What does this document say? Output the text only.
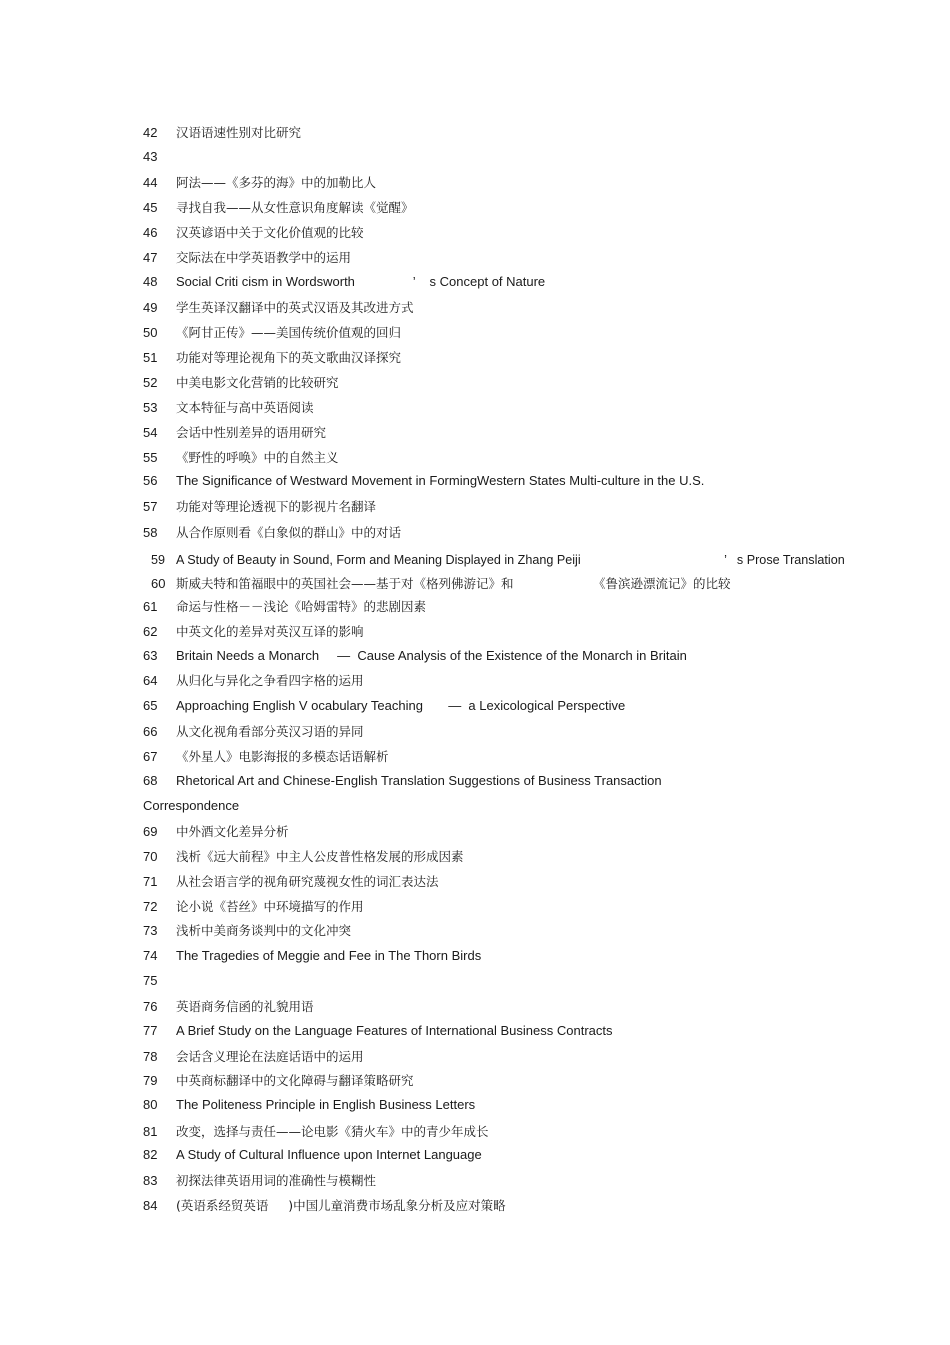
42 汉语语速性别对比研究
43
44 阿法——《多芬的海》中的加勒比人
45 寻找自我——从女性意识角度解读《觉醒》
46 汉英谚语中关于文化价值观的比较
47 交际法在中学英语教学中的运用
48 Social Criti cism in Wordsworth                ’    s Concept of Nature
49 学生英译汉翻译中的英式汉语及其改进方式
50 《阿甘正传》——美国传统价值观的回归
51 功能对等理论视角下的英文歌曲汉译探究
52 中美电影文化营销的比较研究
53 文本特征与高中英语阅读
54 会话中性别差异的语用研究
55 《野性的呼唤》中的自然主义
56 The Significance of Westward Movement in FormingWestern States Multi-culture in the U.S.
57 功能对等理论透视下的影视片名翻译
58 从合作原则看《白象似的群山》中的对话
59 A Study of Beauty in Sound, Form and Meaning Displayed in Zhang Peiji                                         ’   s Prose Translation
60 斯威夫特和笛福眼中的英国社会——基于对《格列佛游记》和                    《鲁滨逊漂流记》的比较
61 命运与性格－－浅论《哈姆雷特》的悲剧因素
62 中英文化的差异对英汉互译的影响
63 Britain Needs a Monarch     —  Cause Analysis of the Existence of the Monarch in Britain
64 从归化与异化之争看四字格的运用
65 Approaching English V ocabulary Teaching       —  a Lexicological Perspective
66 从文化视角看部分英汉习语的异同
67 《外星人》电影海报的多模态话语解析
68 Rhetorical Art and Chinese-English Translation Suggestions of Business Transaction
Correspondence
69 中外酒文化差异分析
70 浅析《远大前程》中主人公皮普性格发展的形成因素
71 从社会语言学的视角研究蔑视女性的词汇表达法
72 论小说《苔丝》中环境描写的作用
73 浅析中美商务谈判中的文化冲突
74 The Tragedies of Meggie and Fee in The Thorn Birds
75
76 英语商务信函的礼貌用语
77 A Brief Study on the Language Features of International Business Contracts
78 会话含义理论在法庭话语中的运用
79 中英商标翻译中的文化障碍与翻译策略研究
80 The Politeness Principle in English Business Letters
81 改变，选择与责任——论电影《猜火车》中的青少年成长
82 A Study of Cultural Influence upon Internet Language
83 初探法律英语用词的准确性与模糊性
84 (英语系经贸英语     )中国儿童消费市场乱象分析及应对策略
